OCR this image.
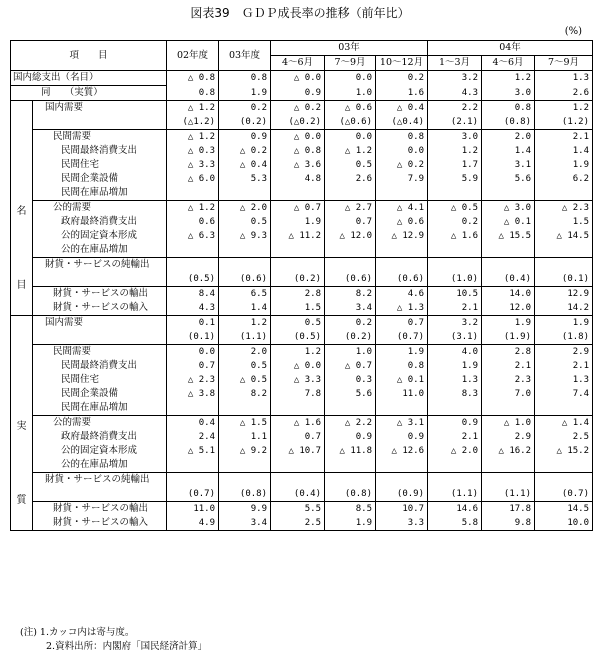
図表39　ＧＤＰ成長率の推移（前年比）
(%)
項　　目		02年度	03年度	03年			04年		
				4〜6月	7〜9月	10〜12月	1〜3月	4〜6月	7〜9月
国内総支出（名目）		△ 0.8	0.8	△ 0.0	0.0	0.2	3.2	1.2	1.3
同　　（実質）		0.8	1.9	0.9	1.0	1.6	4.3	3.0	2.6

名
目	国内需要	△ 1.2	0.2	△ 0.2	△ 0.6	△ 0.4	2.2	0.8	1.2
		(△1.2)	(0.2)	(△0.2)	(△0.6)	(△0.4)	(2.1)	(0.8)	(1.2)
	民間需要	△ 1.2	0.9	△ 0.0	0.0	0.8	3.0	2.0	2.1
	民間最終消費支出	△ 0.3	△ 0.2	△ 0.8	△ 1.2	0.0	1.2	1.4	1.4
	民間住宅	△ 3.3	△ 0.4	△ 3.6	0.5	△ 0.2	1.7	3.1	1.9
	民間企業設備	△ 6.0	5.3	4.8	2.6	7.9	5.9	5.6	6.2
	民間在庫品増加								
	公的需要	△ 1.2	△ 2.0	△ 0.7	△ 2.7	△ 4.1	△ 0.5	△ 3.0	△ 2.3
	政府最終消費支出	0.6	0.5	1.9	0.7	△ 0.6	0.2	△ 0.1	1.5
	公的固定資本形成	△ 6.3	△ 9.3	△ 11.2	△ 12.0	△ 12.9	△ 1.6	△ 15.5	△ 14.5
	公的在庫品増加								
	財貨・サービスの純輸出								
		(0.5)	(0.6)	(0.2)	(0.6)	(0.6)	(1.0)	(0.4)	(0.1)
	財貨・サービスの輸出	8.4	6.5	2.8	8.2	4.6	10.5	14.0	12.9
	財貨・サービスの輸入	4.3	1.4	1.5	3.4	△ 1.3	2.1	12.0	14.2

実
質	国内需要	0.1	1.2	0.5	0.2	0.7	3.2	1.9	1.9
		(0.1)	(1.1)	(0.5)	(0.2)	(0.7)	(3.1)	(1.9)	(1.8)
	民間需要	0.0	2.0	1.2	1.0	1.9	4.0	2.8	2.9
	民間最終消費支出	0.7	0.5	△ 0.0	△ 0.7	0.8	1.9	2.1	2.1
	民間住宅	△ 2.3	△ 0.5	△ 3.3	0.3	△ 0.1	1.3	2.3	1.3
	民間企業設備	△ 3.8	8.2	7.8	5.6	11.0	8.3	7.0	7.4
	民間在庫品増加								
	公的需要	0.4	△ 1.5	△ 1.6	△ 2.2	△ 3.1	0.9	△ 1.0	△ 1.4
	政府最終消費支出	2.4	1.1	0.7	0.9	0.9	2.1	2.9	2.5
	公的固定資本形成	△ 5.1	△ 9.2	△ 10.7	△ 11.8	△ 12.6	△ 2.0	△ 16.2	△ 15.2
	公的在庫品増加								
	財貨・サービスの純輸出								
		(0.7)	(0.8)	(0.4)	(0.8)	(0.9)	(1.1)	(1.1)	(0.7)
	財貨・サービスの輸出	11.0	9.9	5.5	8.5	10.7	14.6	17.8	14.5
	財貨・サービスの輸入	4.9	3.4	2.5	1.9	3.3	5.8	9.8	10.0
(注) 1.カッコ内は寄与度。
2.資料出所：内閣府「国民経済計算」
